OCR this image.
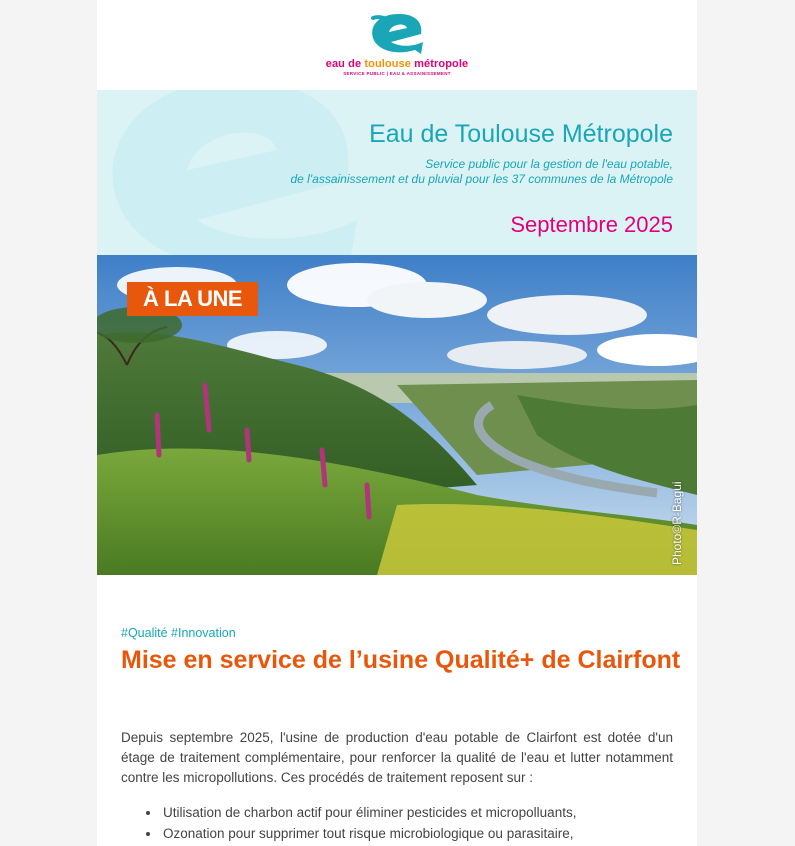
eau de toulouse métropole
SERVICE PUBLIC | EAU & ASSAINISSEMENT
Eau de Toulouse Métropole
Service public pour la gestion de l'eau potable,
de l'assainissement et du pluvial pour les 37 communes de la Métropole
Septembre 2025
À LA UNE
Photo©R-Bagui
#Qualité #Innovation
Mise en service de l’usine Qualité+ de Clairfont

Depuis septembre 2025, l'usine de production d'eau potable de Clairfont est dotée d'un étage de traitement complémentaire, pour renforcer la qualité de l'eau et lutter notamment contre les micropollutions. Ces procédés de traitement reposent sur :

• Utilisation de charbon actif pour éliminer pesticides et micropolluants,
• Ozonation pour supprimer tout risque microbiologique ou parasitaire,
